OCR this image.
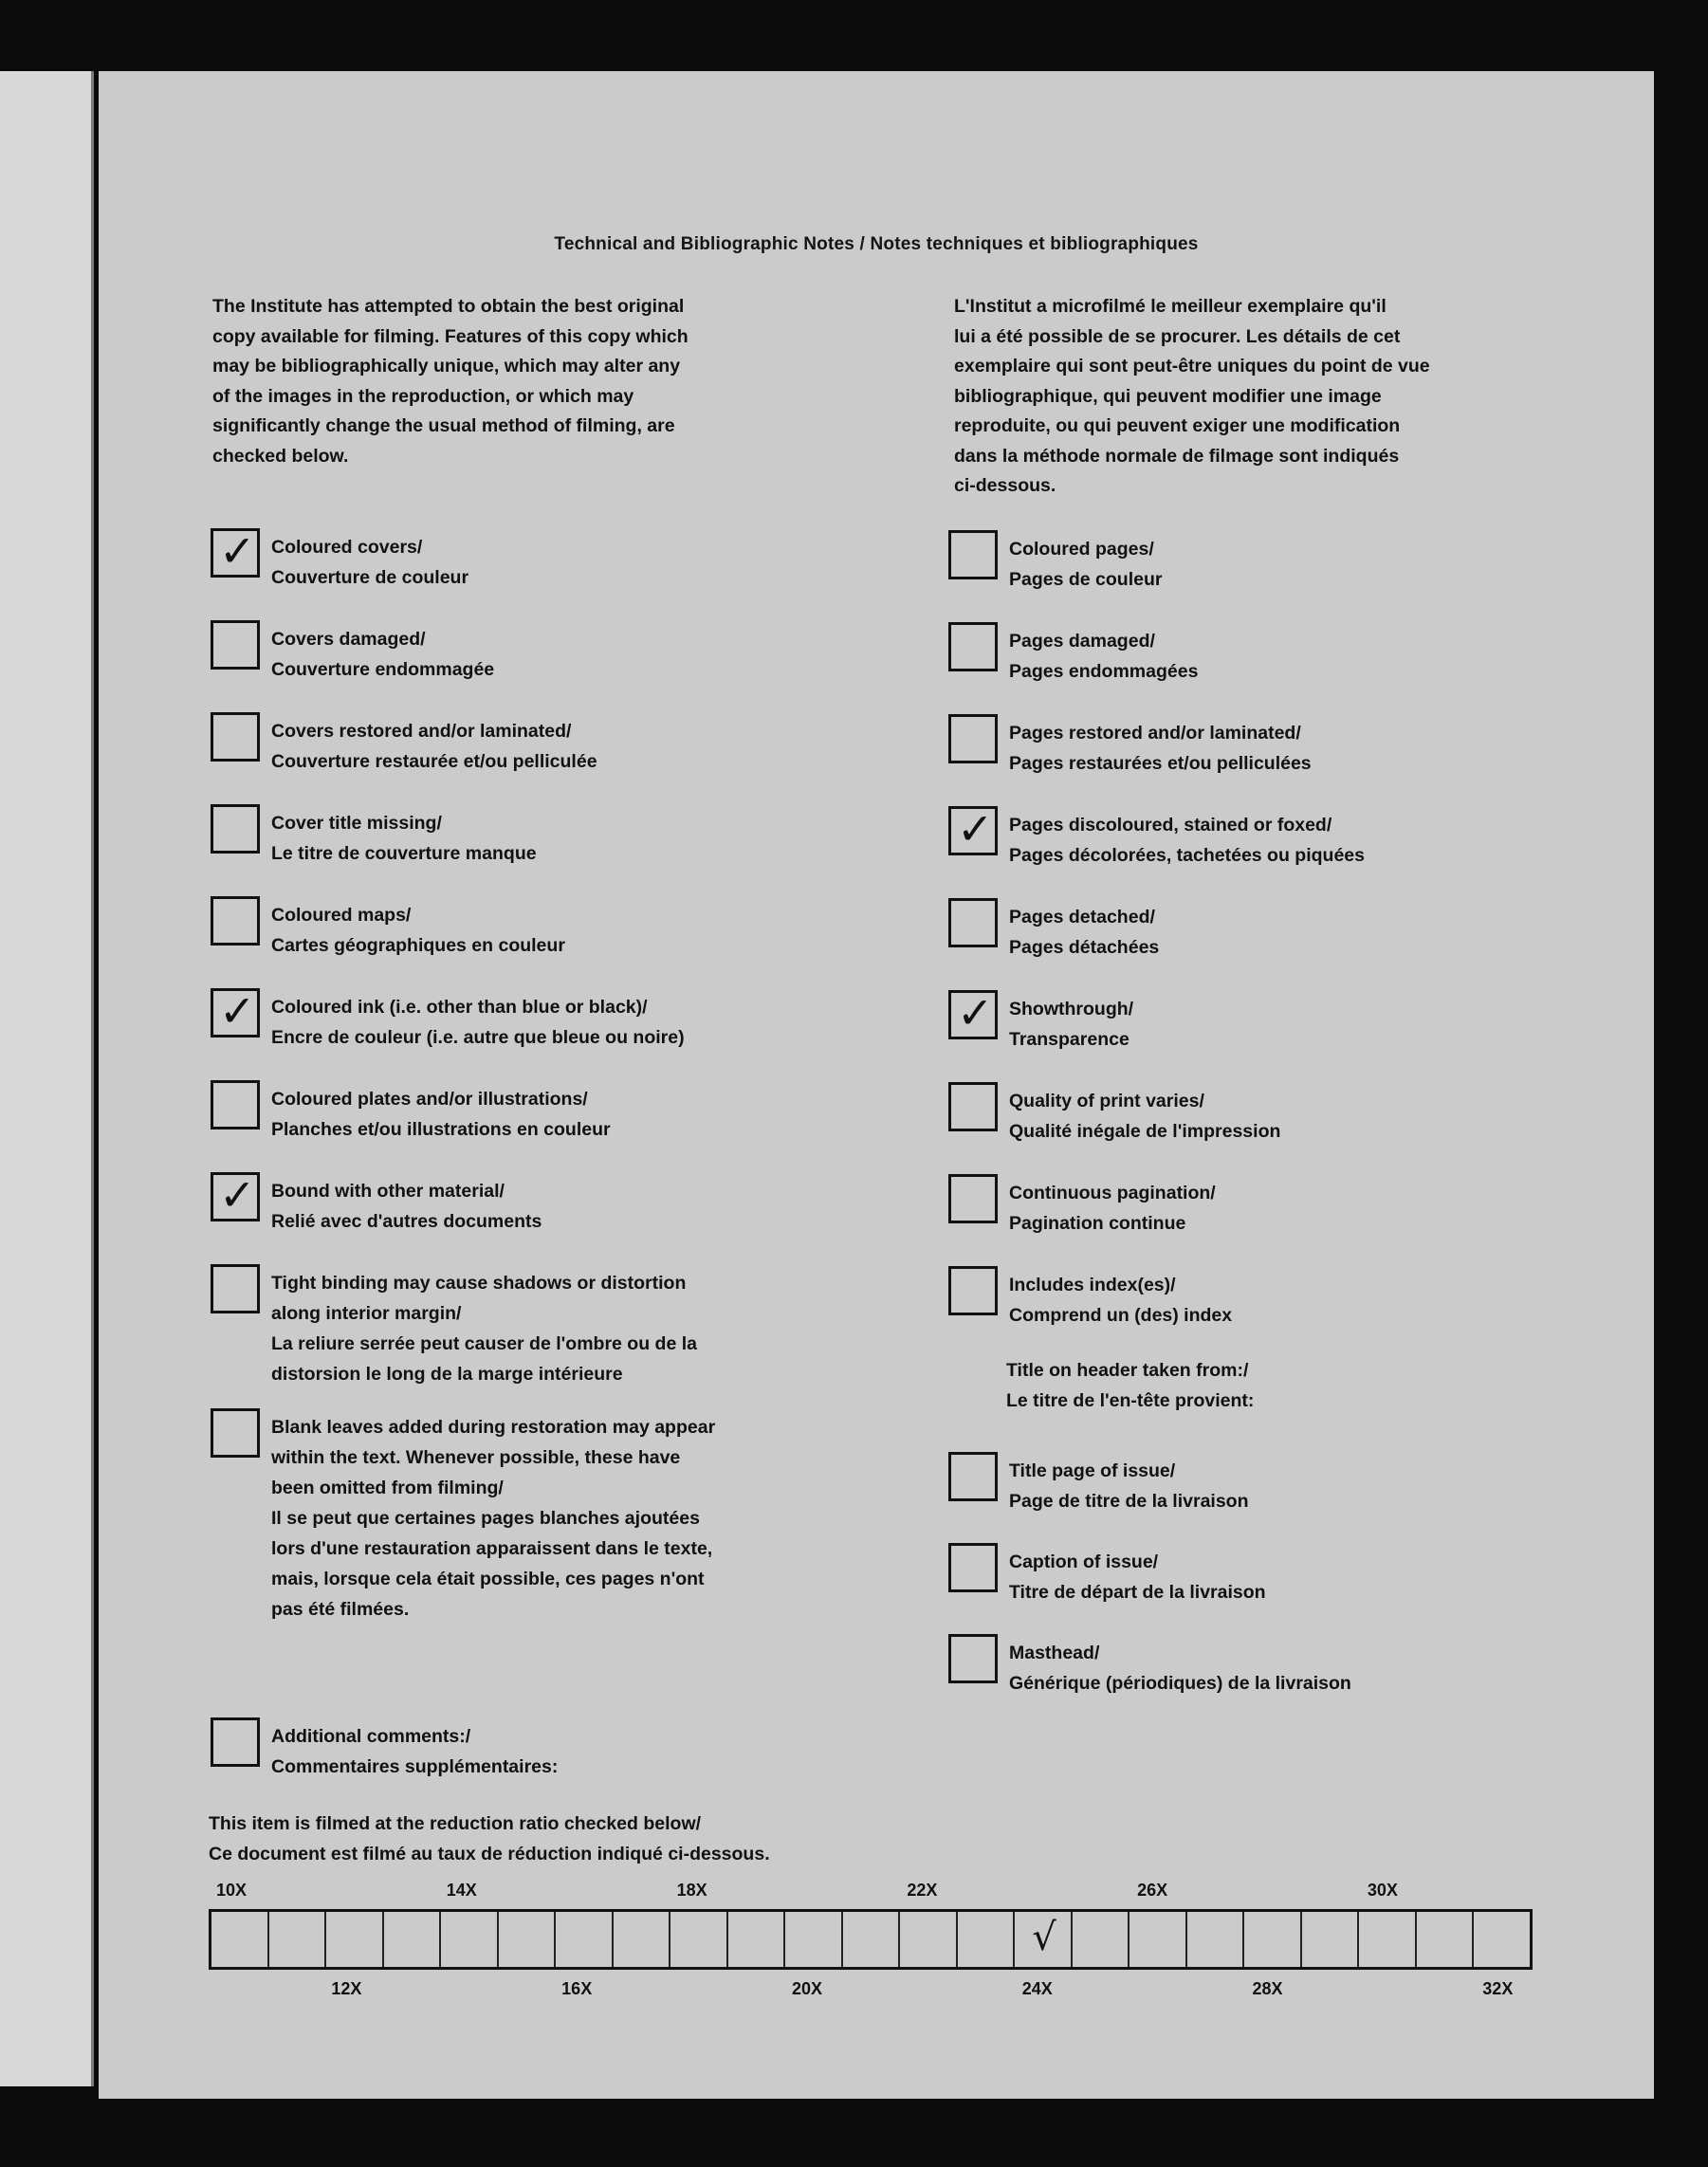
Technical and Bibliographic Notes / Notes techniques et bibliographiques
The Institute has attempted to obtain the best original
copy available for filming. Features of this copy which
may be bibliographically unique, which may alter any
of the images in the reproduction, or which may
significantly change the usual method of filming, are
checked below.
L'Institut a microfilmé le meilleur exemplaire qu'il
lui a été possible de se procurer. Les détails de cet
exemplaire qui sont peut-être uniques du point de vue
bibliographique, qui peuvent modifier une image
reproduite, ou qui peuvent exiger une modification
dans la méthode normale de filmage sont indiqués
ci-dessous.
✓
Coloured covers/
Couverture de couleur
Covers damaged/
Couverture endommagée
Covers restored and/or laminated/
Couverture restaurée et/ou pelliculée
Cover title missing/
Le titre de couverture manque
Coloured maps/
Cartes géographiques en couleur
✓
Coloured ink (i.e. other than blue or black)/
Encre de couleur (i.e. autre que bleue ou noire)
Coloured plates and/or illustrations/
Planches et/ou illustrations en couleur
✓
Bound with other material/
Relié avec d'autres documents
Tight binding may cause shadows or distortion
along interior margin/
La reliure serrée peut causer de l'ombre ou de la
distorsion le long de la marge intérieure
Blank leaves added during restoration may appear
within the text. Whenever possible, these have
been omitted from filming/
Il se peut que certaines pages blanches ajoutées
lors d'une restauration apparaissent dans le texte,
mais, lorsque cela était possible, ces pages n'ont
pas été filmées.
Additional comments:/
Commentaires supplémentaires:
Coloured pages/
Pages de couleur
Pages damaged/
Pages endommagées
Pages restored and/or laminated/
Pages restaurées et/ou pelliculées
✓
Pages discoloured, stained or foxed/
Pages décolorées, tachetées ou piquées
Pages detached/
Pages détachées
✓
Showthrough/
Transparence
Quality of print varies/
Qualité inégale de l'impression
Continuous pagination/
Pagination continue
Includes index(es)/
Comprend un (des) index
Title page of issue/
Page de titre de la livraison
Caption of issue/
Titre de départ de la livraison
Masthead/
Générique (périodiques) de la livraison
Title on header taken from:/
Le titre de l'en-tête provient:
This item is filmed at the reduction ratio checked below/
Ce document est filmé au taux de réduction indiqué ci-dessous.
√
10X	14X	18X	22X	26X	30X
12X	16X	20X	24X	28X	32X
